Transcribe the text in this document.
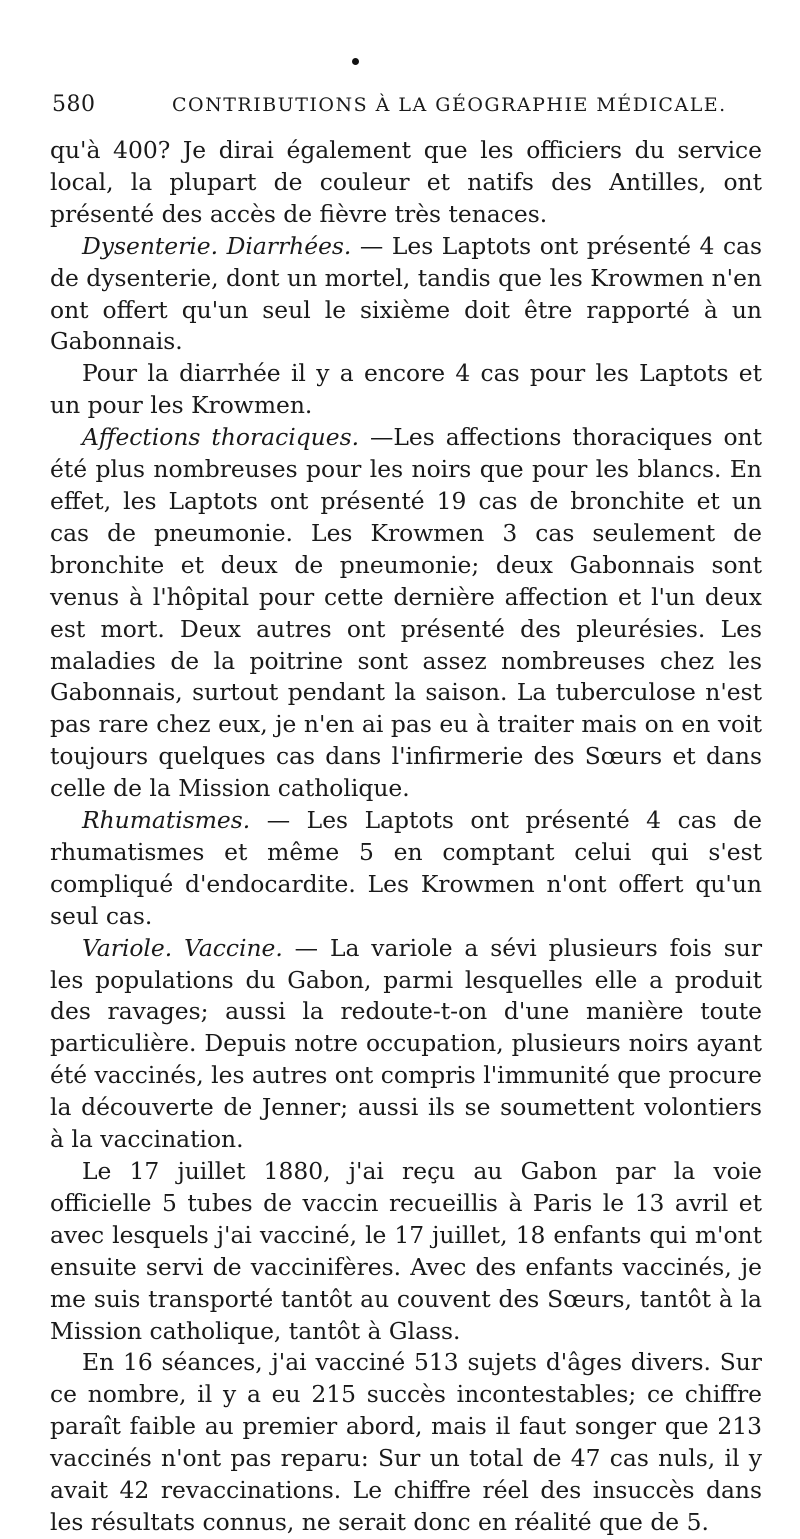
580	CONTRIBUTIONS À LA GÉOGRAPHIE MÉDICALE.

qu'à 400? Je dirai également que les officiers du service local, la plupart de couleur et natifs des Antilles, ont présenté des accès de fièvre très tenaces.

Dysenterie. Diarrhées. — Les Laptots ont présenté 4 cas de dysenterie, dont un mortel, tandis que les Krowmen n'en ont offert qu'un seul le sixième doit être rapporté à un Gabonnais.

Pour la diarrhée il y a encore 4 cas pour les Laptots et un pour les Krowmen.

Affections thoraciques. —Les affections thoraciques ont été plus nombreuses pour les noirs que pour les blancs. En effet, les Laptots ont présenté 19 cas de bronchite et un cas de pneumonie. Les Krowmen 3 cas seulement de bronchite et deux de pneumonie; deux Gabonnais sont venus à l'hôpital pour cette dernière affection et l'un deux est mort. Deux autres ont présenté des pleurésies. Les maladies de la poitrine sont assez nombreuses chez les Gabonnais, surtout pendant la saison. La tuberculose n'est pas rare chez eux, je n'en ai pas eu à traiter mais on en voit toujours quelques cas dans l'infirmerie des Sœurs et dans celle de la Mission catholique.

Rhumatismes. — Les Laptots ont présenté 4 cas de rhumatismes et même 5 en comptant celui qui s'est compliqué d'endocardite. Les Krowmen n'ont offert qu'un seul cas.

Variole. Vaccine. — La variole a sévi plusieurs fois sur les populations du Gabon, parmi lesquelles elle a produit des ravages; aussi la redoute-t-on d'une manière toute particulière. Depuis notre occupation, plusieurs noirs ayant été vaccinés, les autres ont compris l'immunité que procure la découverte de Jenner; aussi ils se soumettent volontiers à la vaccination.

Le 17 juillet 1880, j'ai reçu au Gabon par la voie officielle 5 tubes de vaccin recueillis à Paris le 13 avril et avec lesquels j'ai vacciné, le 17 juillet, 18 enfants qui m'ont ensuite servi de vaccinifères. Avec des enfants vaccinés, je me suis transporté tantôt au couvent des Sœurs, tantôt à la Mission catholique, tantôt à Glass.

En 16 séances, j'ai vacciné 513 sujets d'âges divers. Sur ce nombre, il y a eu 215 succès incontestables; ce chiffre paraît faible au premier abord, mais il faut songer que 213 vaccinés n'ont pas reparu: Sur un total de 47 cas nuls, il y avait 42 revaccinations. Le chiffre réel des insuccès dans les résultats connus, ne serait donc en réalité que de 5.
